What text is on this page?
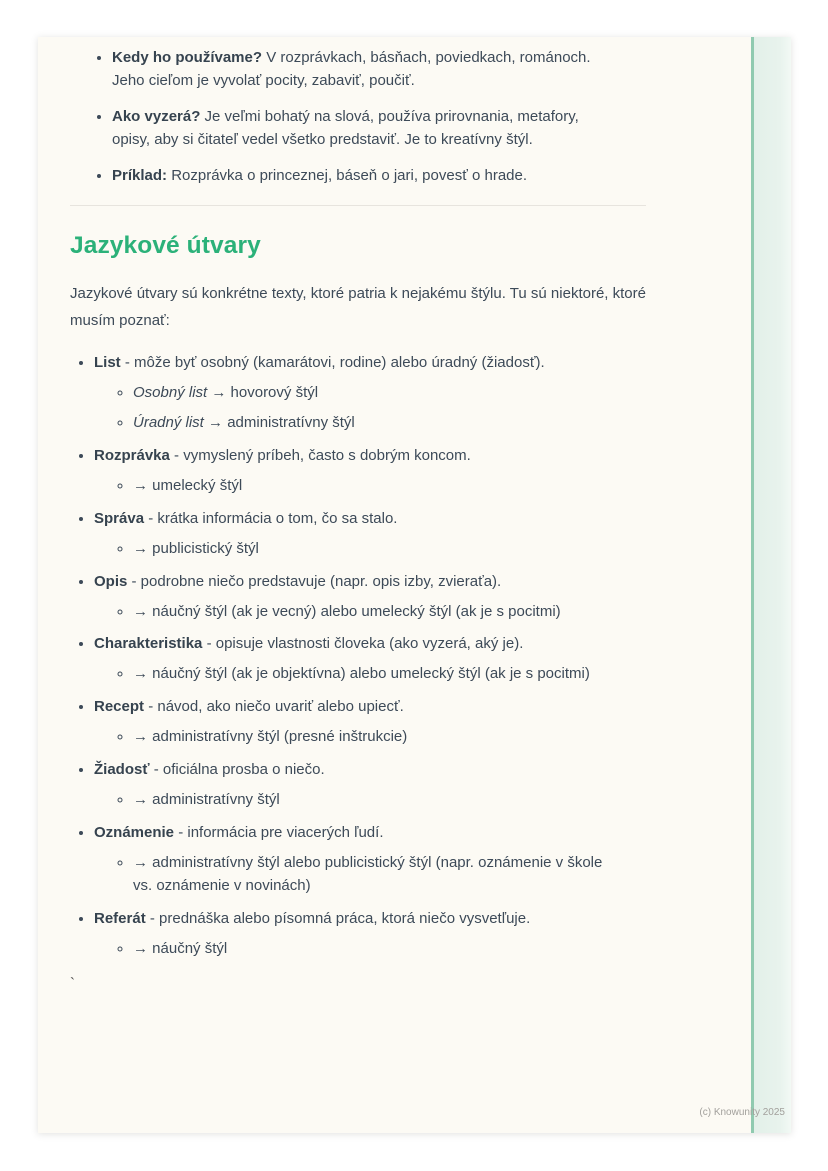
• Kedy ho používame? V rozprávkach, básňach, poviedkach, románoch.
Jeho cieľom je vyvolať pocity, zabaviť, poučiť.
• Ako vyzerá? Je veľmi bohatý na slová, používa prirovnania, metafory,
opisy, aby si čitateľ vedel všetko predstaviť. Je to kreatívny štýl.
• Príklad: Rozprávka o princeznej, báseň o jari, povesť o hrade.
Jazykové útvary

Jazykové útvary sú konkrétne texty, ktoré patria k nejakému štýlu. Tu sú niektoré, ktoré musím poznať:

• List - môže byť osobný (kamarátovi, rodine) alebo úradný (žiadosť).
◦ Osobný list → hovorový štýl
◦ Úradný list → administratívny štýl
• Rozprávka - vymyslený príbeh, často s dobrým koncom.
◦ → umelecký štýl
• Správa - krátka informácia o tom, čo sa stalo.
◦ → publicistický štýl
• Opis - podrobne niečo predstavuje (napr. opis izby, zvieraťa).
◦ → náučný štýl (ak je vecný) alebo umelecký štýl (ak je s pocitmi)
• Charakteristika - opisuje vlastnosti človeka (ako vyzerá, aký je).
◦ → náučný štýl (ak je objektívna) alebo umelecký štýl (ak je s pocitmi)
• Recept - návod, ako niečo uvariť alebo upiecť.
◦ → administratívny štýl (presné inštrukcie)
• Žiadosť - oficiálna prosba o niečo.
◦ → administratívny štýl
• Oznámenie - informácia pre viacerých ľudí.
◦ → administratívny štýl alebo publicistický štýl (napr. oznámenie v škole
vs. oznámenie v novinách)
• Referát - prednáška alebo písomná práca, ktorá niečo vysvetľuje.
◦ → náučný štýl
`
(c) Knowunity 2025
